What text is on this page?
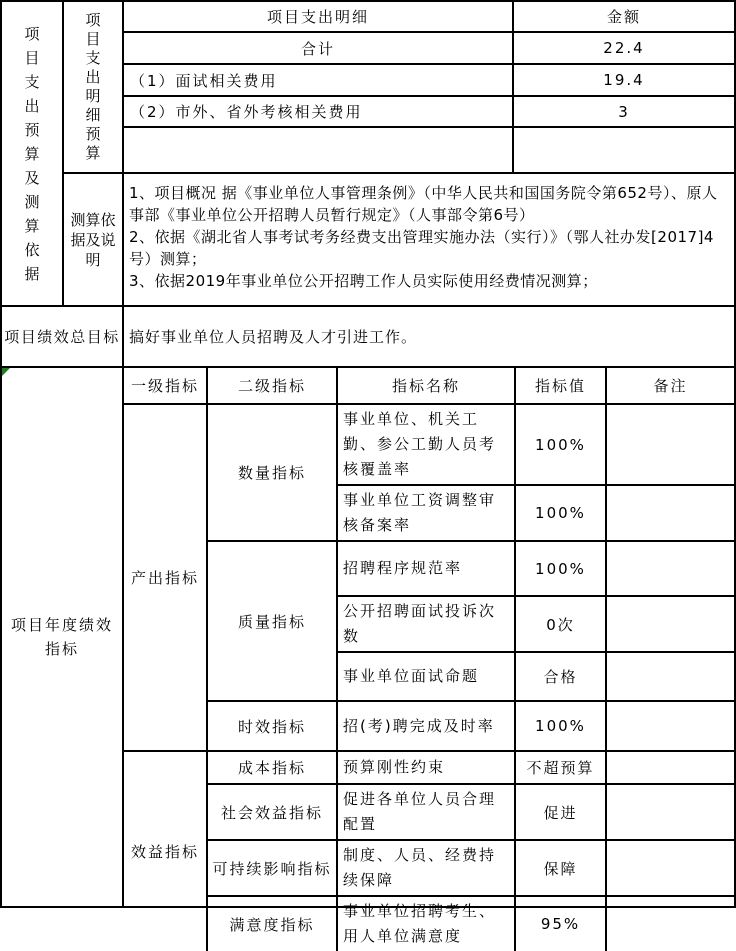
项目支出预算及测算依据
项目支出明细预算
项目支出明细	金额
合计	22.4
（1）面试相关费用	19.4
（2）市外、省外考核相关费用	3

测算依据及说明
1、项目概况 据《事业单位人事管理条例》（中华人民共和国国务院令第652号）、原人事部《事业单位公开招聘人员暂行规定》（人事部令第6号）
2、依据《湖北省人事考试考务经费支出管理实施办法（实行）》（鄂人社办发[2017]4号）测算；
3、依据2019年事业单位公开招聘工作人员实际使用经费情况测算；
项目绩效总目标 搞好事业单位人员招聘及人才引进工作。
项目年度绩效指标
一级指标	二级指标	指标名称	指标值	备注
产出指标	数量指标	事业单位、机关工勤、参公工勤人员考核覆盖率	100%	
		事业单位工资调整审核备案率	100%	
	质量指标	招聘程序规范率	100%	
		公开招聘面试投诉次数	0次	
		事业单位面试命题	合格	
	时效指标	招(考)聘完成及时率	100%	
效益指标	成本指标	预算刚性约束	不超预算	
	社会效益指标	促进各单位人员合理配置	促进	
	可持续影响指标	制度、人员、经费持续保障	保障	
	满意度指标	事业单位招聘考生、用人单位满意度	95%	
